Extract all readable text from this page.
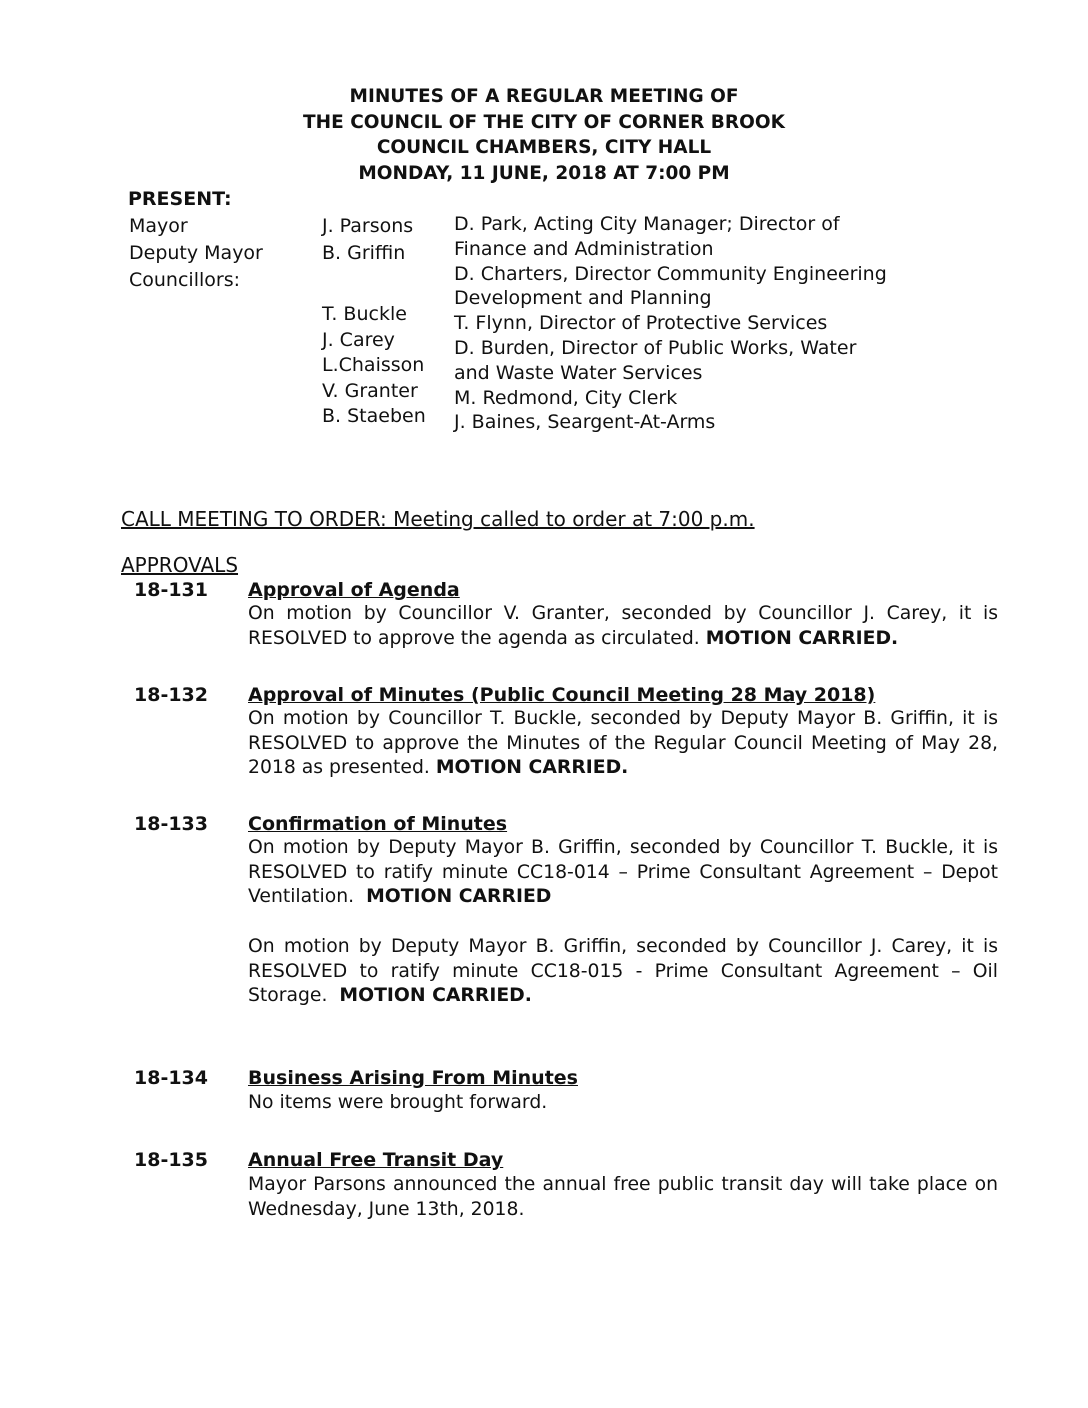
MINUTES OF A REGULAR MEETING OF
THE COUNCIL OF THE CITY OF CORNER BROOK
COUNCIL CHAMBERS, CITY HALL
MONDAY, 11 JUNE, 2018 AT 7:00 PM
PRESENT:
Mayor
Deputy Mayor
Councillors:
J. Parsons
B. Griffin
T. Buckle
J. Carey
L.Chaisson
V. Granter
B. Staeben
D. Park, Acting City Manager; Director of
Finance and Administration
D. Charters, Director Community Engineering
Development and Planning
T. Flynn, Director of Protective Services
D. Burden, Director of Public Works, Water
and Waste Water Services
M. Redmond, City Clerk
J. Baines, Seargent-At-Arms
CALL MEETING TO ORDER: Meeting called to order at 7:00 p.m.
APPROVALS
18-131 Approval of Agenda
On motion by Councillor V. Granter, seconded by Councillor J. Carey, it is
RESOLVED to approve the agenda as circulated. MOTION CARRIED.
18-132 Approval of Minutes (Public Council Meeting 28 May 2018)
On motion by Councillor T. Buckle, seconded by Deputy Mayor B. Griffin, it is
RESOLVED to approve the Minutes of the Regular Council Meeting of May 28,
2018 as presented. MOTION CARRIED.
18-133 Confirmation of Minutes
On motion by Deputy Mayor B. Griffin, seconded by Councillor T. Buckle, it is
RESOLVED to ratify minute CC18-014 – Prime Consultant Agreement – Depot
Ventilation. MOTION CARRIED
On motion by Deputy Mayor B. Griffin, seconded by Councillor J. Carey, it is
RESOLVED to ratify minute CC18-015 - Prime Consultant Agreement – Oil
Storage. MOTION CARRIED.
18-134 Business Arising From Minutes
No items were brought forward.
18-135 Annual Free Transit Day
Mayor Parsons announced the annual free public transit day will take place on
Wednesday, June 13th, 2018.
